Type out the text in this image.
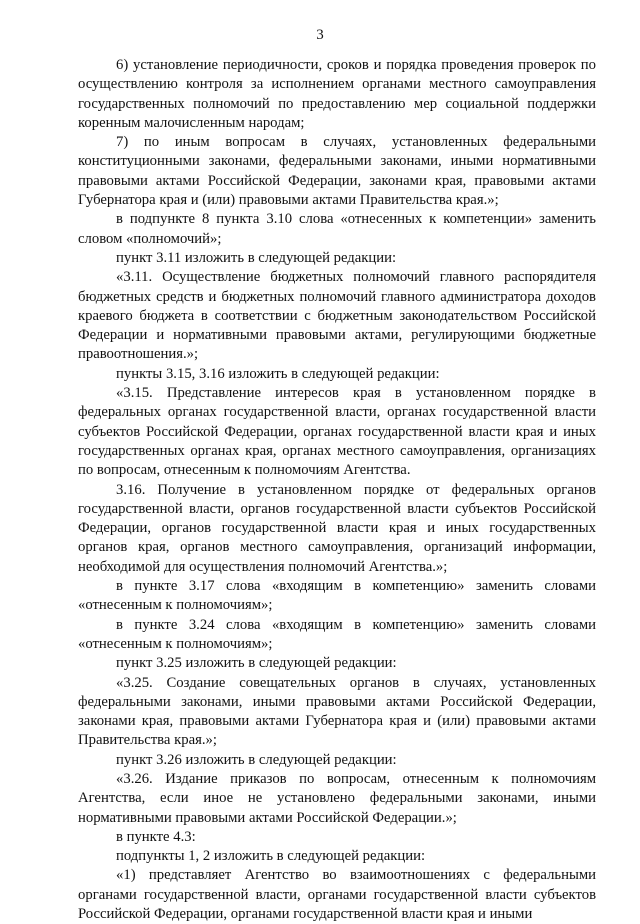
3

6) установление периодичности, сроков и порядка проведения проверок по осуществлению контроля за исполнением органами местного самоуправления государственных полномочий по предоставлению мер социальной поддержки коренным малочисленным народам;

7) по иным вопросам в случаях, установленных федеральными конституционными законами, федеральными законами, иными нормативными правовыми актами Российской Федерации, законами края, правовыми актами Губернатора края и (или) правовыми актами Правительства края.»;

в подпункте 8 пункта 3.10 слова «отнесенных к компетенции» заменить словом «полномочий»;

пункт 3.11 изложить в следующей редакции:

«3.11. Осуществление бюджетных полномочий главного распорядителя бюджетных средств и бюджетных полномочий главного администратора доходов краевого бюджета в соответствии с бюджетным законодательством Российской Федерации и нормативными правовыми актами, регулирующими бюджетные правоотношения.»;

пункты 3.15, 3.16 изложить в следующей редакции:

«3.15. Представление интересов края в установленном порядке в федеральных органах государственной власти, органах государственной власти субъектов Российской Федерации, органах государственной власти края и иных государственных органах края, органах местного самоуправления, организациях по вопросам, отнесенным к полномочиям Агентства.

3.16. Получение в установленном порядке от федеральных органов государственной власти, органов государственной власти субъектов Российской Федерации, органов государственной власти края и иных государственных органов края, органов местного самоуправления, организаций информации, необходимой для осуществления полномочий Агентства.»;

в пункте 3.17 слова «входящим в компетенцию» заменить словами «отнесенным к полномочиям»;

в пункте 3.24 слова «входящим в компетенцию» заменить словами «отнесенным к полномочиям»;

пункт 3.25 изложить в следующей редакции:

«3.25. Создание совещательных органов в случаях, установленных федеральными законами, иными правовыми актами Российской Федерации, законами края, правовыми актами Губернатора края и (или) правовыми актами Правительства края.»;

пункт 3.26 изложить в следующей редакции:

«3.26. Издание приказов по вопросам, отнесенным к полномочиям Агентства, если иное не установлено федеральными законами, иными нормативными правовыми актами Российской Федерации.»;

в пункте 4.3:

подпункты 1, 2 изложить в следующей редакции:

«1) представляет Агентство во взаимоотношениях с федеральными органами государственной власти, органами государственной власти субъектов Российской Федерации, органами государственной власти края и иными
